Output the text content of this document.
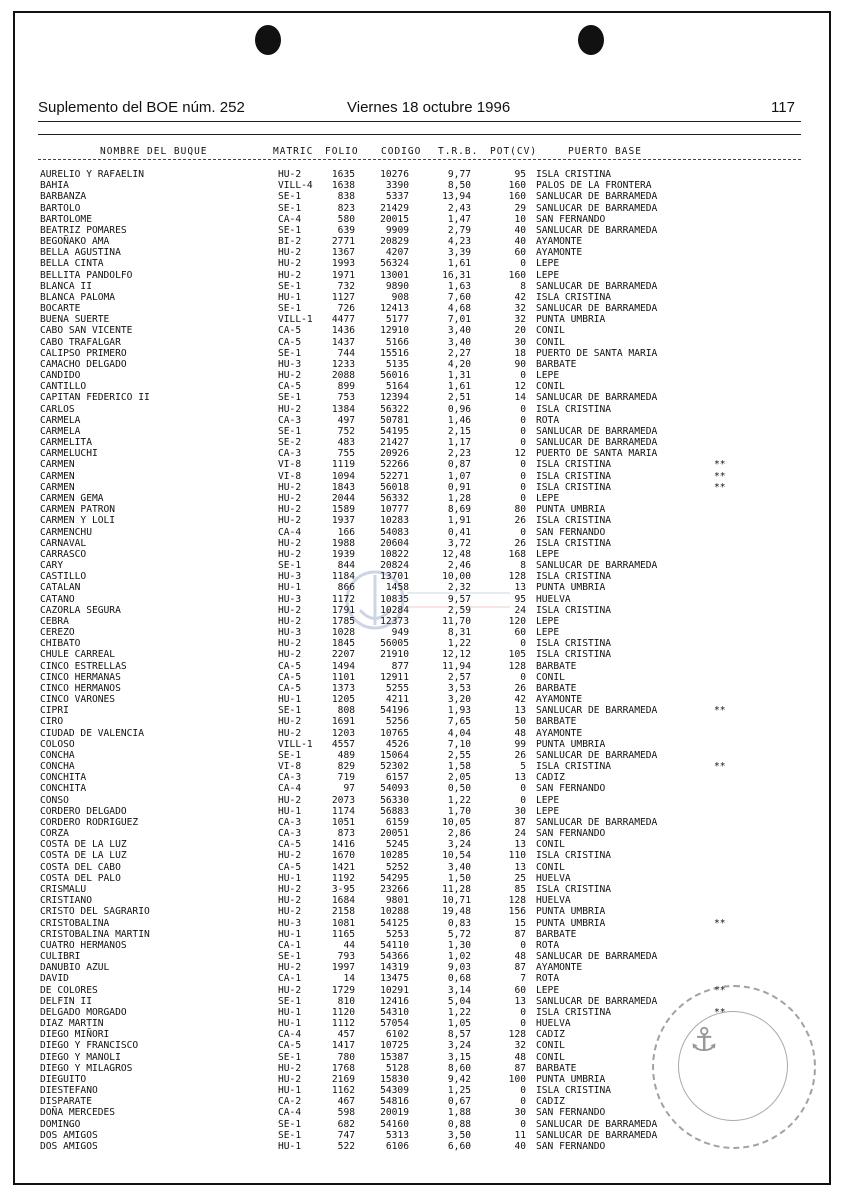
Suplemento del BOE núm. 252	Viernes 18 octubre 1996	117
NOMBRE DEL BUQUE	MATRIC FOLIO CODIGO T.R.B. POT(CV)	PUERTO BASE
AURELIO Y RAFAELIN	HU-2	1635	10276	9,77	95 ISLA CRISTINA
BAHIA	VILL-4	1638	3390	8,50	160 PALOS DE LA FRONTERA
BARBANZA	SE-1	838	5337	13,94	160 SANLUCAR DE BARRAMEDA
BARTOLO	SE-1	823	21429	2,43	29 SANLUCAR DE BARRAMEDA
BARTOLOME	CA-4	580	20015	1,47	10 SAN FERNANDO
BEATRIZ POMARES	SE-1	639	9909	2,79	40 SANLUCAR DE BARRAMEDA
BEGOÑAKO AMA	BI-2	2771	20829	4,23	40 AYAMONTE
BELLA AGUSTINA	HU-2	1367	4207	3,39	60 AYAMONTE
BELLA CINTA	HU-2	1993	56324	1,61	0 LEPE
BELLITA PANDOLFO	HU-2	1971	13001	16,31	160 LEPE
BLANCA II	SE-1	732	9890	1,63	8 SANLUCAR DE BARRAMEDA
BLANCA PALOMA	HU-1	1127	908	7,60	42 ISLA CRISTINA
BOCARTE	SE-1	726	12413	4,68	32 SANLUCAR DE BARRAMEDA
BUENA SUERTE	VILL-1	4477	5177	7,01	32 PUNTA UMBRIA
CABO SAN VICENTE	CA-5	1436	12910	3,40	20 CONIL
CABO TRAFALGAR	CA-5	1437	5166	3,40	30 CONIL
CALIPSO PRIMERO	SE-1	744	15516	2,27	18 PUERTO DE SANTA MARIA
CAMACHO DELGADO	HU-3	1233	5135	4,20	90 BARBATE
CANDIDO	HU-2	2088	56016	1,31	0 LEPE
CANTILLO	CA-5	899	5164	1,61	12 CONIL
CAPITAN FEDERICO II	SE-1	753	12394	2,51	14 SANLUCAR DE BARRAMEDA
CARLOS	HU-2	1384	56322	0,96	0 ISLA CRISTINA
CARMELA	CA-3	497	50781	1,46	0 ROTA
CARMELA	SE-1	752	54195	2,15	0 SANLUCAR DE BARRAMEDA
CARMELITA	SE-2	483	21427	1,17	0 SANLUCAR DE BARRAMEDA
CARMELUCHI	CA-3	755	20926	2,23	12 PUERTO DE SANTA MARIA
CARMEN	VI-8	1119	52266	0,87	0 ISLA CRISTINA	**
CARMEN	VI-8	1094	52271	1,07	0 ISLA CRISTINA	**
CARMEN	HU-2	1843	56018	0,91	0 ISLA CRISTINA	**
CARMEN GEMA	HU-2	2044	56332	1,28	0 LEPE
CARMEN PATRON	HU-2	1589	10777	8,69	80 PUNTA UMBRIA
CARMEN Y LOLI	HU-2	1937	10283	1,91	26 ISLA CRISTINA
CARMENCHU	CA-4	166	54083	0,41	0 SAN FERNANDO
CARNAVAL	HU-2	1988	20604	3,72	26 ISLA CRISTINA
CARRASCO	HU-2	1939	10822	12,48	168 LEPE
CARY	SE-1	844	20824	2,46	8 SANLUCAR DE BARRAMEDA
CASTILLO	HU-3	1184	13701	10,00	128 ISLA CRISTINA
CATALAN	HU-1	866	1458	2,32	13 PUNTA UMBRIA
CATANO	HU-3	1172	10835	9,57	95 HUELVA
CAZORLA SEGURA	HU-2	1791	10284	2,59	24 ISLA CRISTINA
CEBRA	HU-2	1785	12373	11,70	120 LEPE
CEREZO	HU-3	1028	949	8,31	60 LEPE
CHIBATO	HU-2	1845	56005	1,22	0 ISLA CRISTINA
CHULE CARREAL	HU-2	2207	21910	12,12	105 ISLA CRISTINA
CINCO ESTRELLAS	CA-5	1494	877	11,94	128 BARBATE
CINCO HERMANAS	CA-5	1101	12911	2,57	0 CONIL
CINCO HERMANOS	CA-5	1373	5255	3,53	26 BARBATE
CINCO VARONES	HU-1	1205	4211	3,20	42 AYAMONTE
CIPRI	SE-1	808	54196	1,93	13 SANLUCAR DE BARRAMEDA	**
CIRO	HU-2	1691	5256	7,65	50 BARBATE
CIUDAD DE VALENCIA	HU-2	1203	10765	4,04	48 AYAMONTE
COLOSO	VILL-1	4557	4526	7,10	99 PUNTA UMBRIA
CONCHA	SE-1	489	15064	2,55	26 SANLUCAR DE BARRAMEDA
CONCHA	VI-8	829	52302	1,58	5 ISLA CRISTINA	**
CONCHITA	CA-3	719	6157	2,05	13 CADIZ
CONCHITA	CA-4	97	54093	0,50	0 SAN FERNANDO
CONSO	HU-2	2073	56330	1,22	0 LEPE
CORDERO DELGADO	HU-1	1174	56883	1,70	30 LEPE
CORDERO RODRIGUEZ	CA-3	1051	6159	10,05	87 SANLUCAR DE BARRAMEDA
CORZA	CA-3	873	20051	2,86	24 SAN FERNANDO
COSTA DE LA LUZ	CA-5	1416	5245	3,24	13 CONIL
COSTA DE LA LUZ	HU-2	1670	10285	10,54	110 ISLA CRISTINA
COSTA DEL CABO	CA-5	1421	5252	3,40	13 CONIL
COSTA DEL PALO	HU-1	1192	54295	1,50	25 HUELVA
CRISMALU	HU-2	3-95	23266	11,28	85 ISLA CRISTINA
CRISTIANO	HU-2	1684	9801	10,71	128 HUELVA
CRISTO DEL SAGRARIO	HU-2	2158	10288	19,48	156 PUNTA UMBRIA
CRISTOBALINA	HU-3	1081	54125	0,83	15 PUNTA UMBRIA	**
CRISTOBALINA MARTIN	HU-1	1165	5253	5,72	87 BARBATE
CUATRO HERMANOS	CA-1	44	54110	1,30	0 ROTA
CULIBRI	SE-1	793	54366	1,02	48 SANLUCAR DE BARRAMEDA
DANUBIO AZUL	HU-2	1997	14319	9,03	87 AYAMONTE
DAVID	CA-1	14	13475	0,68	7 ROTA
DE COLORES	HU-2	1729	10291	3,14	60 LEPE	**
DELFIN II	SE-1	810	12416	5,04	13 SANLUCAR DE BARRAMEDA
DELGADO MORGADO	HU-1	1120	54310	1,22	0 ISLA CRISTINA	**
DIAZ MARTIN	HU-1	1112	57054	1,05	0 HUELVA
DIEGO MIÑORI	CA-4	457	6102	8,57	128 CADIZ
DIEGO Y FRANCISCO	CA-5	1417	10725	3,24	32 CONIL
DIEGO Y MANOLI	SE-1	780	15387	3,15	48 CONIL
DIEGO Y MILAGROS	HU-2	1768	5128	8,60	87 BARBATE
DIEGUITO	HU-2	2169	15830	9,42	100 PUNTA UMBRIA
DIESTEFANO	HU-1	1162	54309	1,25	0 ISLA CRISTINA
DISPARATE	CA-2	467	54816	0,67	0 CADIZ
DOÑA MERCEDES	CA-4	598	20019	1,88	30 SAN FERNANDO
DOMINGO	SE-1	682	54160	0,88	0 SANLUCAR DE BARRAMEDA
DOS AMIGOS	SE-1	747	5313	3,50	11 SANLUCAR DE BARRAMEDA
DOS AMIGOS	HU-1	522	6106	6,60	40 SAN FERNANDO
⚓
